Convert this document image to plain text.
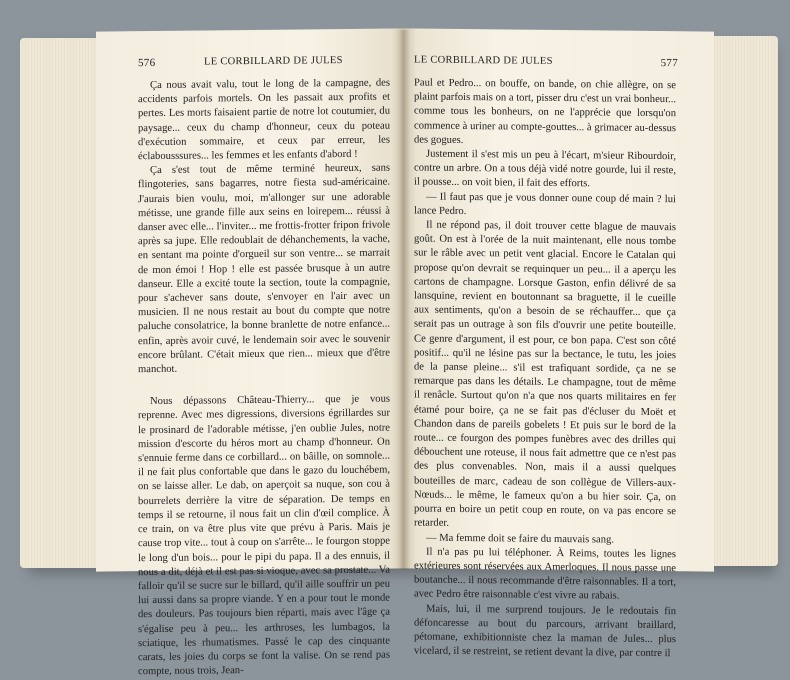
576	LE CORBILLARD DE JULES

Ça nous avait valu, tout le long de la campagne, des accidents parfois mortels. On les passait aux profits et pertes. Les morts faisaient partie de notre lot coutumier, du paysage... ceux du champ d'honneur, ceux du poteau d'exécution sommaire, et ceux par erreur, les éclabousssures... les femmes et les enfants d'abord !

Ça s'est tout de même terminé heureux, sans flingoteries, sans bagarres, notre fiesta sud-américaine. J'aurais bien voulu, moi, m'allonger sur une adorable métisse, une grande fille aux seins en loirepem... réussi à danser avec elle... l'inviter... me frottis-frotter fripon frivole après sa jupe. Elle redoublait de déhanchements, la vache, en sentant ma pointe d'orgueil sur son ventre... se marrait de mon émoi ! Hop ! elle est passée brusque à un autre danseur. Elle a excité toute la section, toute la compagnie, pour s'achever sans doute, s'envoyer en l'air avec un musicien. Il ne nous restait au bout du compte que notre paluche consolatrice, la bonne branlette de notre enfance... enfin, après avoir cuvé, le lendemain soir avec le souvenir encore brûlant. C'était mieux que rien... mieux que d'être manchot.

Nous dépassons Château-Thierry... que je vous reprenne. Avec mes digressions, diversions égrillardes sur le prosinard de l'adorable métisse, j'en oublie Jules, notre mission d'escorte du héros mort au champ d'honneur. On s'ennuie ferme dans ce corbillard... on bâille, on somnole... il ne fait plus confortable que dans le gazo du louchébem, on se laisse aller. Le dab, on aperçoit sa nuque, son cou à bourrelets derrière la vitre de séparation. De temps en temps il se retourne, il nous fait un clin d'œil complice. À ce train, on va être plus vite que prévu à Paris. Mais je cause trop vite... tout à coup on s'arrête... le fourgon stoppe le long d'un bois... pour le pipi du papa. Il a des ennuis, il nous a dit, déjà et il est pas si vioque, avec sa prostate... Va falloir qu'il se sucre sur le billard, qu'il aille souffrir un peu lui aussi dans sa propre viande. Y en a pour tout le monde des douleurs. Pas toujours bien réparti, mais avec l'âge ça s'égalise peu à peu... les arthroses, les lumbagos, la sciatique, les rhumatismes. Passé le cap des cinquante carats, les joies du corps se font la valise. On se rend pas compte, nous trois, Jean-

LE CORBILLARD DE JULES	577

Paul et Pedro... on bouffe, on bande, on chie allègre, on se plaint parfois mais on a tort, pisser dru c'est un vrai bonheur... comme tous les bonheurs, on ne l'apprécie que lorsqu'on commence à uriner au compte-gouttes... à grimacer au-dessus des gogues.

Justement il s'est mis un peu à l'écart, m'sieur Ribourdoir, contre un arbre. On a tous déjà vidé notre gourde, lui il reste, il pousse... on voit bien, il fait des efforts.

— Il faut pas que je vous donner oune coup dé main ? lui lance Pedro.

Il ne répond pas, il doit trouver cette blague de mauvais goût. On est à l'orée de la nuit maintenant, elle nous tombe sur le râble avec un petit vent glacial. Encore le Catalan qui propose qu'on devrait se requinquer un peu... il a aperçu les cartons de champagne. Lorsque Gaston, enfin délivré de sa lansquine, revient en boutonnant sa braguette, il le cueille aux sentiments, qu'on a besoin de se réchauffer... que ça serait pas un outrage à son fils d'ouvrir une petite bouteille. Ce genre d'argument, il est pour, ce bon papa. C'est son côté positif... qu'il ne lésine pas sur la bectance, le tutu, les joies de la panse pleine... s'il est trafiquant sordide, ça ne se remarque pas dans les détails. Le champagne, tout de même il renâcle. Surtout qu'on n'a que nos quarts militaires en fer étamé pour boire, ça ne se fait pas d'écluser du Moët et Chandon dans de pareils gobelets ! Et puis sur le bord de la route... ce fourgon des pompes funèbres avec des drilles qui débouchent une roteuse, il nous fait admettre que ce n'est pas des plus convenables. Non, mais il a aussi quelques bouteilles de marc, cadeau de son collègue de Villers-aux-Nœuds... le même, le fameux qu'on a bu hier soir. Ça, on pourra en boire un petit coup en route, on va pas encore se retarder.

— Ma femme doit se faire du mauvais sang.

Il n'a pas pu lui téléphoner. À Reims, toutes les lignes extérieures sont réservées aux Amerloques. Il nous passe une boutanche... il nous recommande d'être raisonnables. Il a tort, avec Pedro être raisonnable c'est vivre au rabais.

Mais, lui, il me surprend toujours. Je le redoutais fin défoncaresse au bout du parcours, arrivant braillard, pétomane, exhibitionniste chez la maman de Jules... plus vicelard, il se restreint, se retient devant la dive, par contre il
